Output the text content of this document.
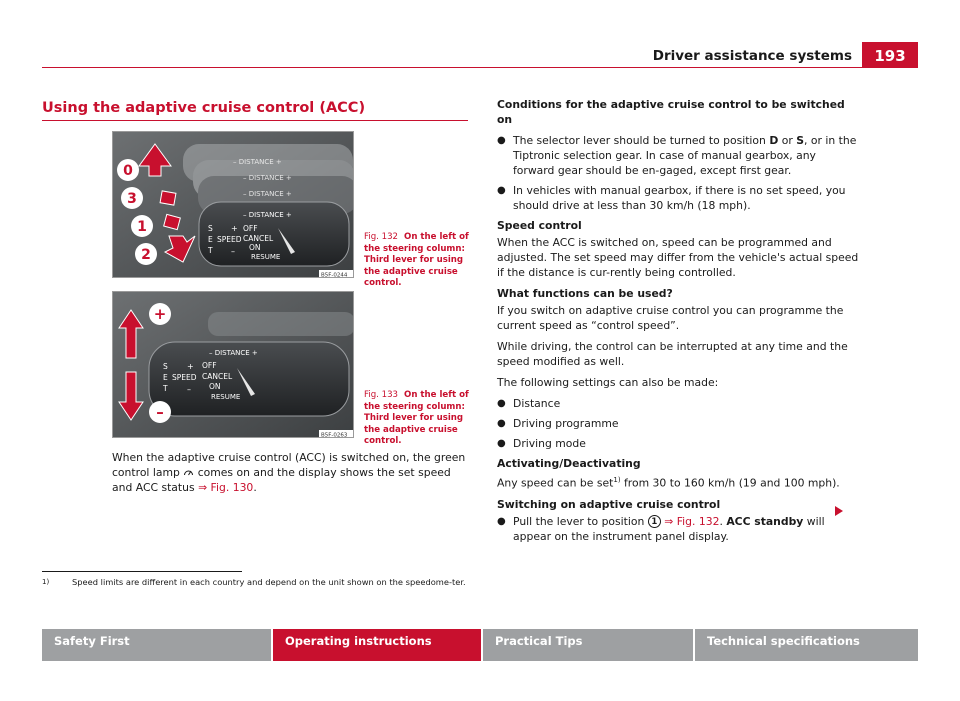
Driver assistance systems	193
Using the adaptive cruise control (ACC)
– DISTANCE +
– DISTANCE +
– DISTANCE +
– DISTANCE +
S
E
T
SPEED
+
–
OFF
CANCEL
ON
RESUME
0
3
1
2
B5F-0244
Fig. 132 On the left of the steering column: Third lever for using the adaptive cruise control.
– DISTANCE +
S
E
T
SPEED
+
–
OFF
CANCEL
ON
RESUME
+
–
B5F-0263
Fig. 133 On the left of the steering column: Third lever for using the adaptive cruise control.
When the adaptive cruise control (ACC) is switched on, the green control lamp comes on and the display shows the set speed and ACC status ⇒ Fig. 130.
Conditions for the adaptive cruise control to be switched on
● The selector lever should be turned to position D or S, or in the Tiptronic selection gear. In case of manual gearbox, any forward gear should be en-gaged, except first gear.
● In vehicles with manual gearbox, if there is no set speed, you should drive at less than 30 km/h (18 mph).
Speed control

When the ACC is switched on, speed can be programmed and adjusted. The set speed may differ from the vehicle's actual speed if the distance is cur-rently being controlled.

What functions can be used?

If you switch on adaptive cruise control you can programme the current speed as “control speed”.

While driving, the control can be interrupted at any time and the speed modified as well.

The following settings can also be made:

● Distance
● Driving programme
● Driving mode
Activating/Deactivating

Any speed can be set$^{1)}$ from 30 to 160 km/h (19 and 100 mph).

Switching on adaptive cruise control
● Pull the lever to position 1 ⇒ Fig. 132. ACC standby will appear on the instrument panel display.
1)	Speed limits are different in each country and depend on the unit shown on the speedome-ter.
Safety First	Operating instructions	Practical Tips	Technical specifications
